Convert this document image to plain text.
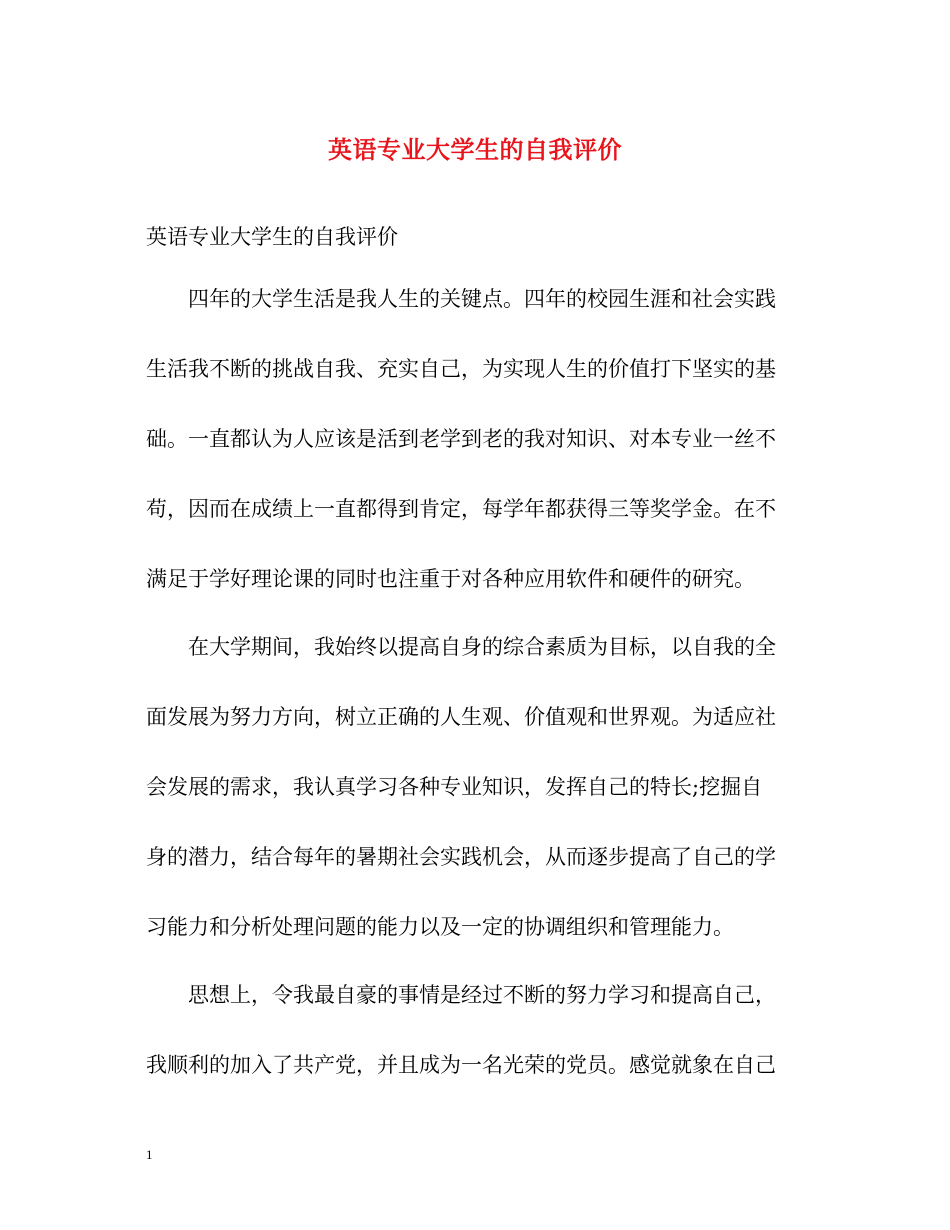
英语专业大学生的自我评价
英语专业大学生的自我评价
四年的大学生活是我人生的关键点。四年的校园生涯和社会实践
生活我不断的挑战自我、充实自己，为实现人生的价值打下坚实的基
础。一直都认为人应该是活到老学到老的我对知识、对本专业一丝不
苟，因而在成绩上一直都得到肯定，每学年都获得三等奖学金。在不
满足于学好理论课的同时也注重于对各种应用软件和硬件的研究。
在大学期间，我始终以提高自身的综合素质为目标，以自我的全
面发展为努力方向，树立正确的人生观、价值观和世界观。为适应社
会发展的需求，我认真学习各种专业知识，发挥自己的特长;挖掘自
身的潜力，结合每年的暑期社会实践机会，从而逐步提高了自己的学
习能力和分析处理问题的能力以及一定的协调组织和管理能力。
思想上，令我最自豪的事情是经过不断的努力学习和提高自己，
我顺利的加入了共产党，并且成为一名光荣的党员。感觉就象在自己
1
